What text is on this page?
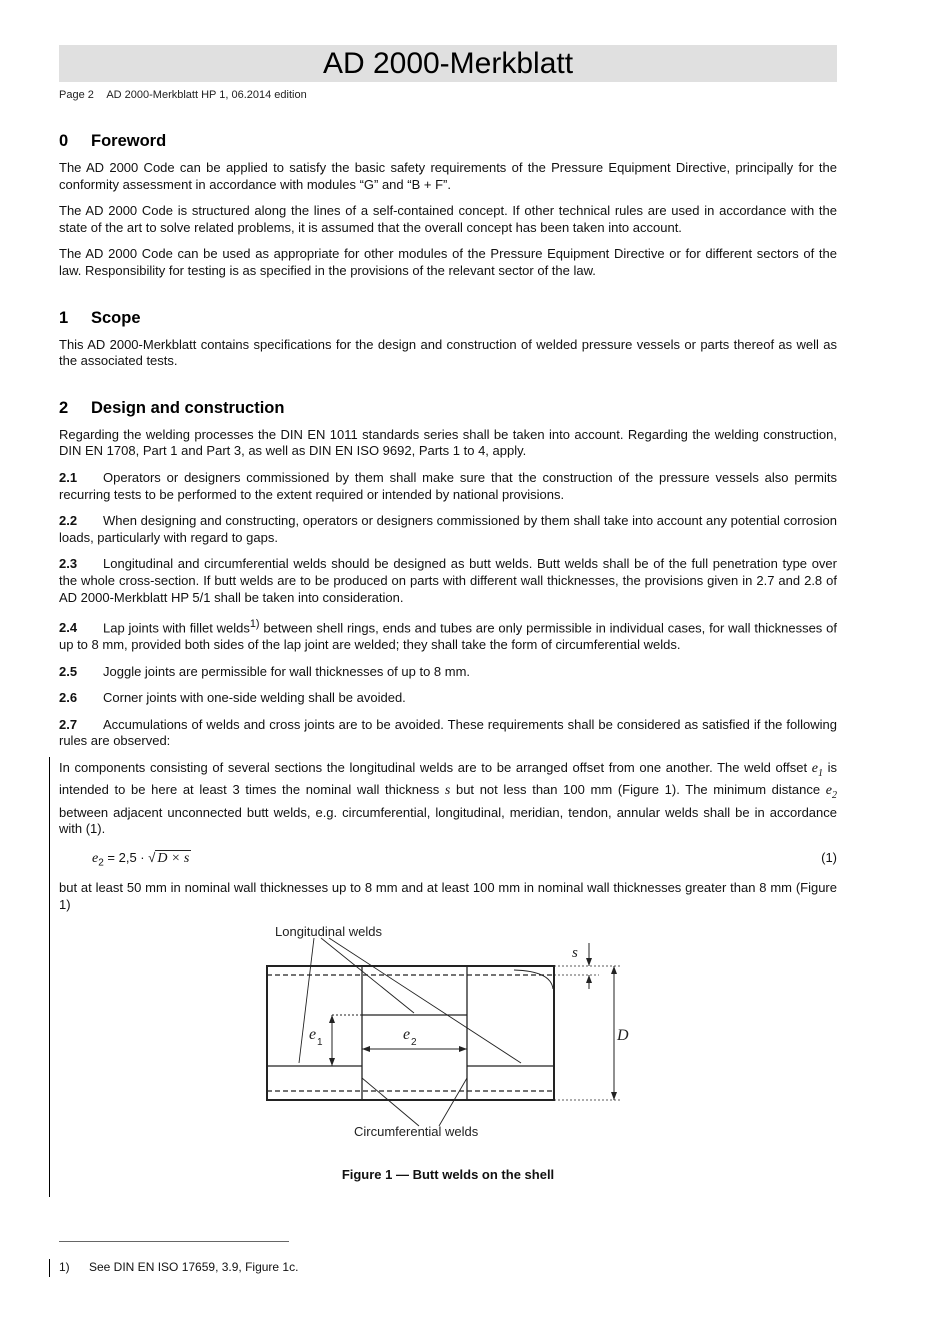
AD 2000-Merkblatt
Page 2 AD 2000-Merkblatt HP 1, 06.2014 edition
0 Foreword

The AD 2000 Code can be applied to satisfy the basic safety requirements of the Pressure Equipment Directive, principally for the conformity assessment in accordance with modules “G” and “B + F”.

The AD 2000 Code is structured along the lines of a self-contained concept. If other technical rules are used in accordance with the state of the art to solve related problems, it is assumed that the overall concept has been taken into account.

The AD 2000 Code can be used as appropriate for other modules of the Pressure Equipment Directive or for different sectors of the law. Responsibility for testing is as specified in the provisions of the relevant sector of the law.

1 Scope

This AD 2000-Merkblatt contains specifications for the design and construction of welded pressure vessels or parts thereof as well as the associated tests.

2 Design and construction

Regarding the welding processes the DIN EN 1011 standards series shall be taken into account. Regarding the welding construction, DIN EN 1708, Part 1 and Part 3, as well as DIN EN ISO 9692, Parts 1 to 4, apply.

2.1 Operators or designers commissioned by them shall make sure that the construction of the pressure vessels also permits recurring tests to be performed to the extent required or intended by national provisions.

2.2 When designing and constructing, operators or designers commissioned by them shall take into account any potential corrosion loads, particularly with regard to gaps.

2.3 Longitudinal and circumferential welds should be designed as butt welds. Butt welds shall be of the full penetration type over the whole cross-section. If butt welds are to be produced on parts with different wall thicknesses, the provisions given in 2.7 and 2.8 of AD 2000-Merkblatt HP 5/1 shall be taken into consideration.

2.4 Lap joints with fillet welds$^{1)}$ between shell rings, ends and tubes are only permissible in individual cases, for wall thicknesses of up to 8 mm, provided both sides of the lap joint are welded; they shall take the form of circumferential welds.

2.5 Joggle joints are permissible for wall thicknesses of up to 8 mm.

2.6 Corner joints with one-side welding shall be avoided.

2.7 Accumulations of welds and cross joints are to be avoided. These requirements shall be considered as satisfied if the following rules are observed:

In components consisting of several sections the longitudinal welds are to be arranged offset from one another. The weld offset $e_1$ is intended to be here at least 3 times the nominal wall thickness s but not less than 100 mm (Figure 1). The minimum distance $e_2$ between adjacent unconnected butt welds, e.g. circumferential, longitudinal, meridian, tendon, annular welds shall be in accordance with (1).

$e_2 = 2,5$ · √ D × s	(1)

but at least 50 mm in nominal wall thicknesses up to 8 mm and at least 100 mm in nominal wall thicknesses greater than 8 mm (Figure 1)

Longitudinal welds
Circumferential welds
s
D
e 1	e 2
Figure 1 — Butt welds on the shell
1) See DIN EN ISO 17659, 3.9, Figure 1c.
